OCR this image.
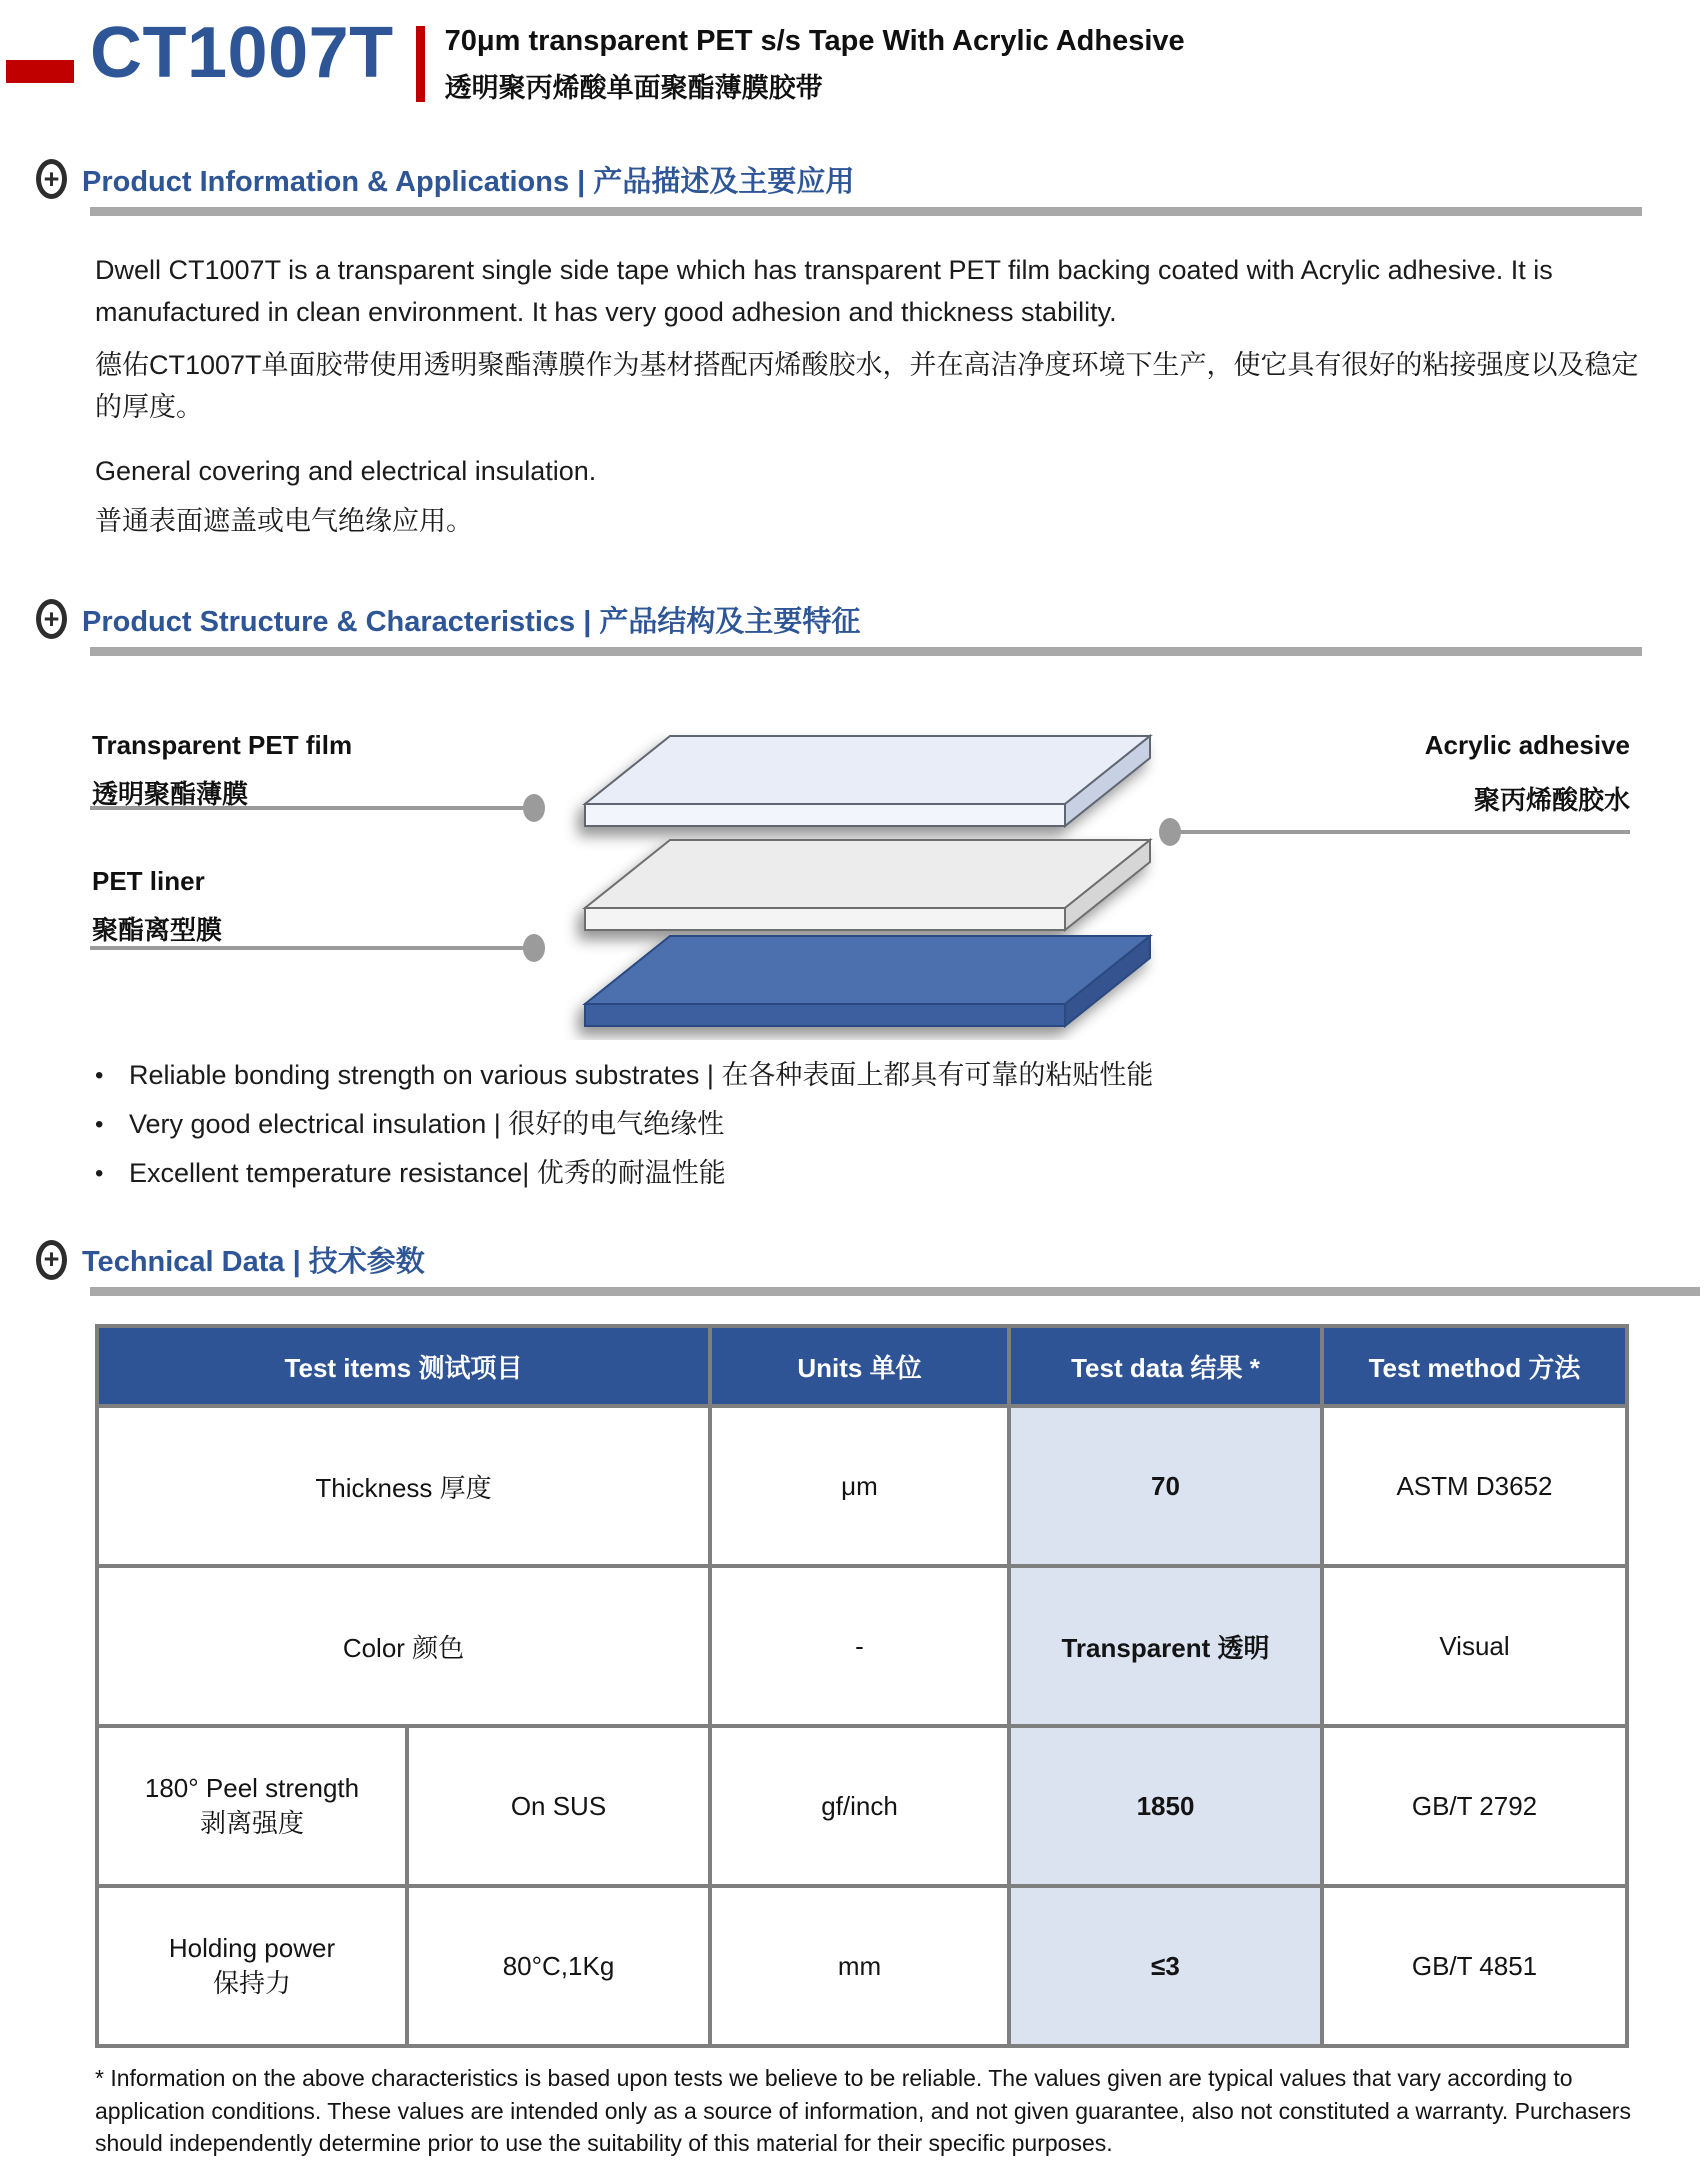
CT1007T 70μm transparent PET s/s Tape With Acrylic Adhesive
透明聚丙烯酸单面聚酯薄膜胶带
+ Product Information & Applications | 产品描述及主要应用

Dwell CT1007T is a transparent single side tape which has transparent PET film backing coated with Acrylic adhesive. It is manufactured in clean environment. It has very good adhesion and thickness stability.

德佑CT1007T单面胶带使用透明聚酯薄膜作为基材搭配丙烯酸胶水，并在高洁净度环境下生产，使它具有很好的粘接强度以及稳定的厚度。

General covering and electrical insulation.

普通表面遮盖或电气绝缘应用。

+ Product Structure & Characteristics | 产品结构及主要特征
Transparent PET film
透明聚酯薄膜
PET liner
聚酯离型膜
Acrylic adhesive
聚丙烯酸胶水
• Reliable bonding strength on various substrates | 在各种表面上都具有可靠的粘贴性能
• Very good electrical insulation | 很好的电气绝缘性
• Excellent temperature resistance| 优秀的耐温性能
+ Technical Data | 技术参数
Test items 测试项目		Units 单位	Test data 结果 *	Test method 方法
Thickness 厚度		μm	70	ASTM D3652
Color 颜色		-	Transparent 透明	Visual

180° Peel strength
剥离强度	On SUS	gf/inch	1850	GB/T 2792

Holding power
保持力	80°C,1Kg	mm	≤3	GB/T 4851

* Information on the above characteristics is based upon tests we believe to be reliable. The values given are typical values that vary according to application conditions. These values are intended only as a source of information, and not given guarantee, also not constituted a warranty. Purchasers should independently determine prior to use the suitability of this material for their specific purposes.
